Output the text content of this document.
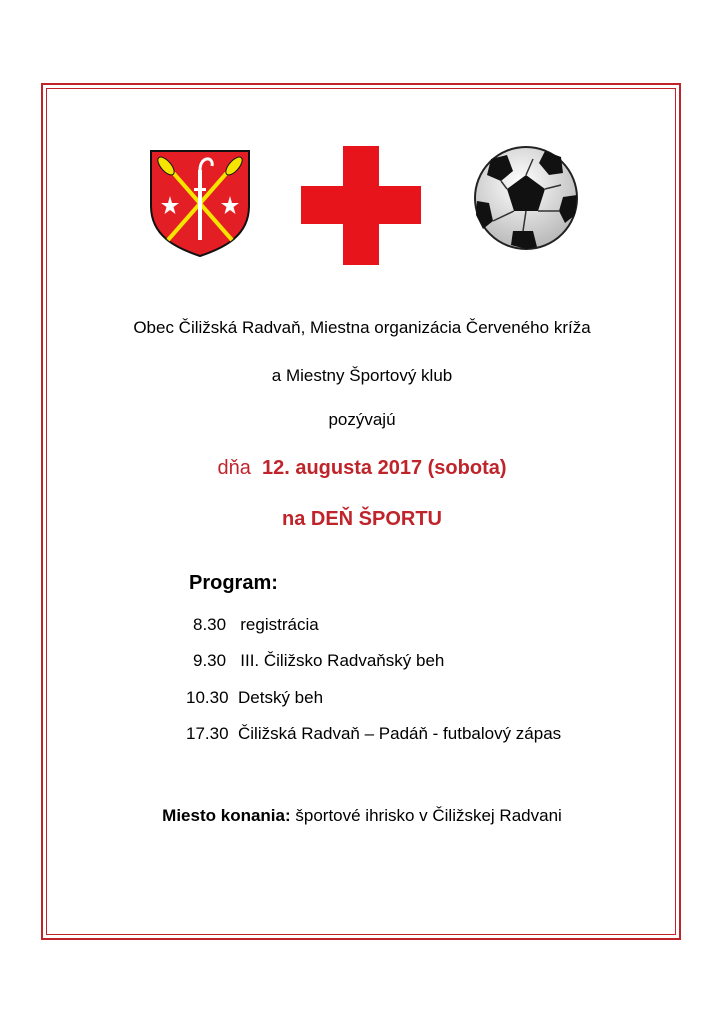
Obec Čiližská Radvaň, Miestna organizácia Červeného kríža
a Miestny Športový klub
pozývajú
dňa 12. augusta 2017 (sobota)
na DEŇ ŠPORTU
Program:
8.30 registrácia
9.30 III. Čiližsko Radvaňský beh
10.30 Detský beh
17.30 Čiližská Radvaň – Padáň - futbalový zápas
Miesto konania: športové ihrisko v Čiližskej Radvani
